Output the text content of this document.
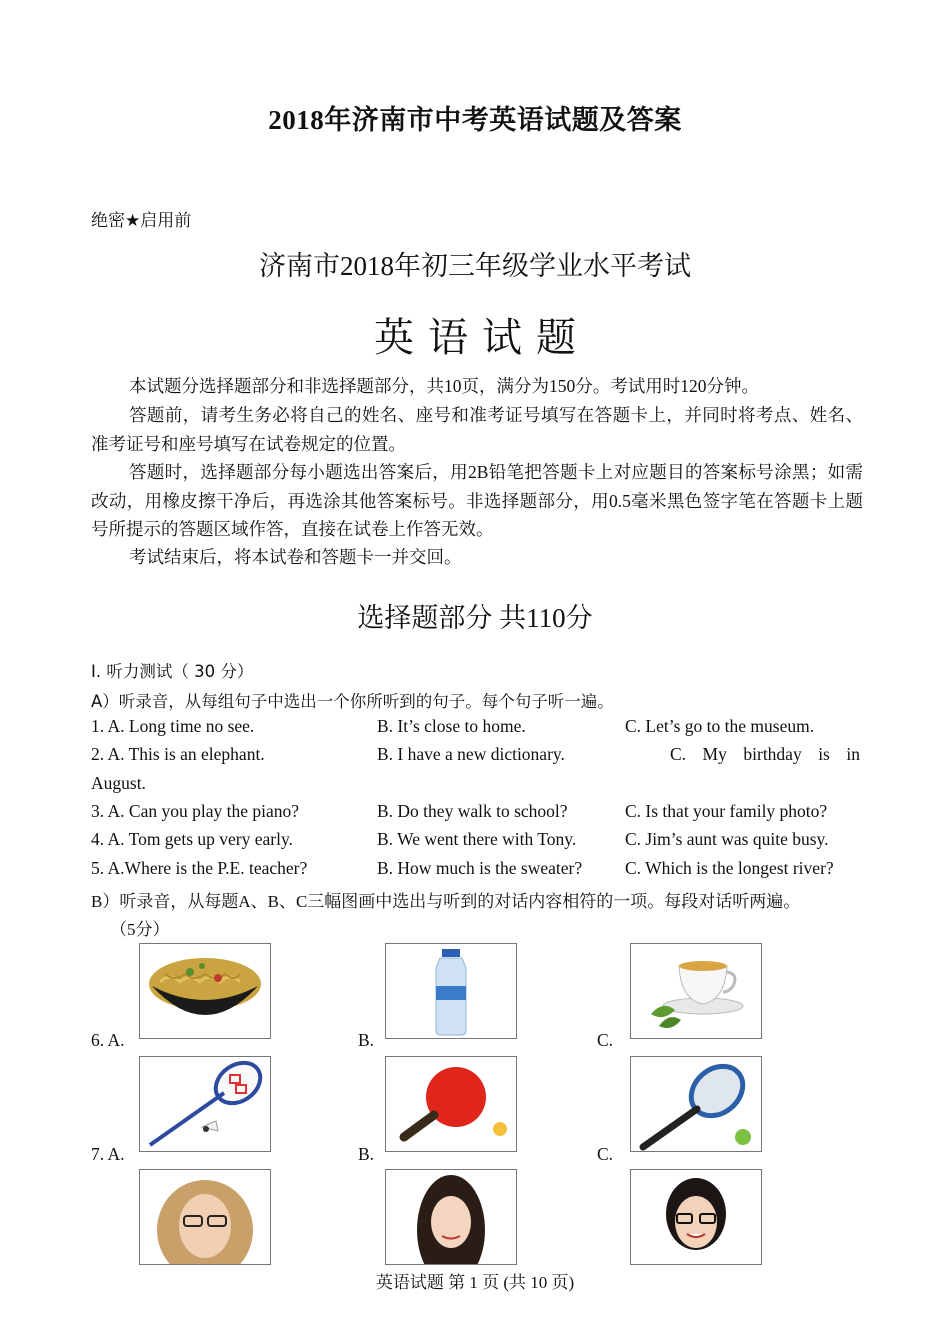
2018年济南市中考英语试题及答案
绝密★启用前
济南市2018年初三年级学业水平考试
英语试题
本试题分选择题部分和非选择题部分，共10页，满分为150分。考试用时120分钟。
答题前，请考生务必将自己的姓名、座号和准考证号填写在答题卡上，并同时将考点、姓名、准考证号和座号填写在试卷规定的位置。
答题时，选择题部分每小题选出答案后，用2B铅笔把答题卡上对应题目的答案标号涂黑；如需改动，用橡皮擦干净后，再选涂其他答案标号。非选择题部分，用0.5毫米黑色签字笔在答题卡上题号所提示的答题区域作答，直接在试卷上作答无效。
考试结束后，将本试卷和答题卡一并交回。
选择题部分 共110分
I. 听力测试（ 30 分）
A）听录音，从每组句子中选出一个你所听到的句子。每个句子听一遍。
1. A. Long time no see.	B. It’s close to home.	C. Let’s go to the museum.
2. A. This is an elephant.	B. I have a new dictionary.	C. My birthday is in
August.
3. A. Can you play the piano?	B. Do they walk to school?	C. Is that your family photo?
4. A. Tom gets up very early.	B. We went there with Tony.	C. Jim’s aunt was quite busy.
5. A.Where is the P.E. teacher?	B. How much is the sweater? C. Which is the longest river?
B）听录音，从每题A、B、C三幅图画中选出与听到的对话内容相符的一项。每段对话听两遍。
（5分）
6. A.	B.	C.
7. A.	B.	C.
英语试题 第 1 页 (共 10 页)
